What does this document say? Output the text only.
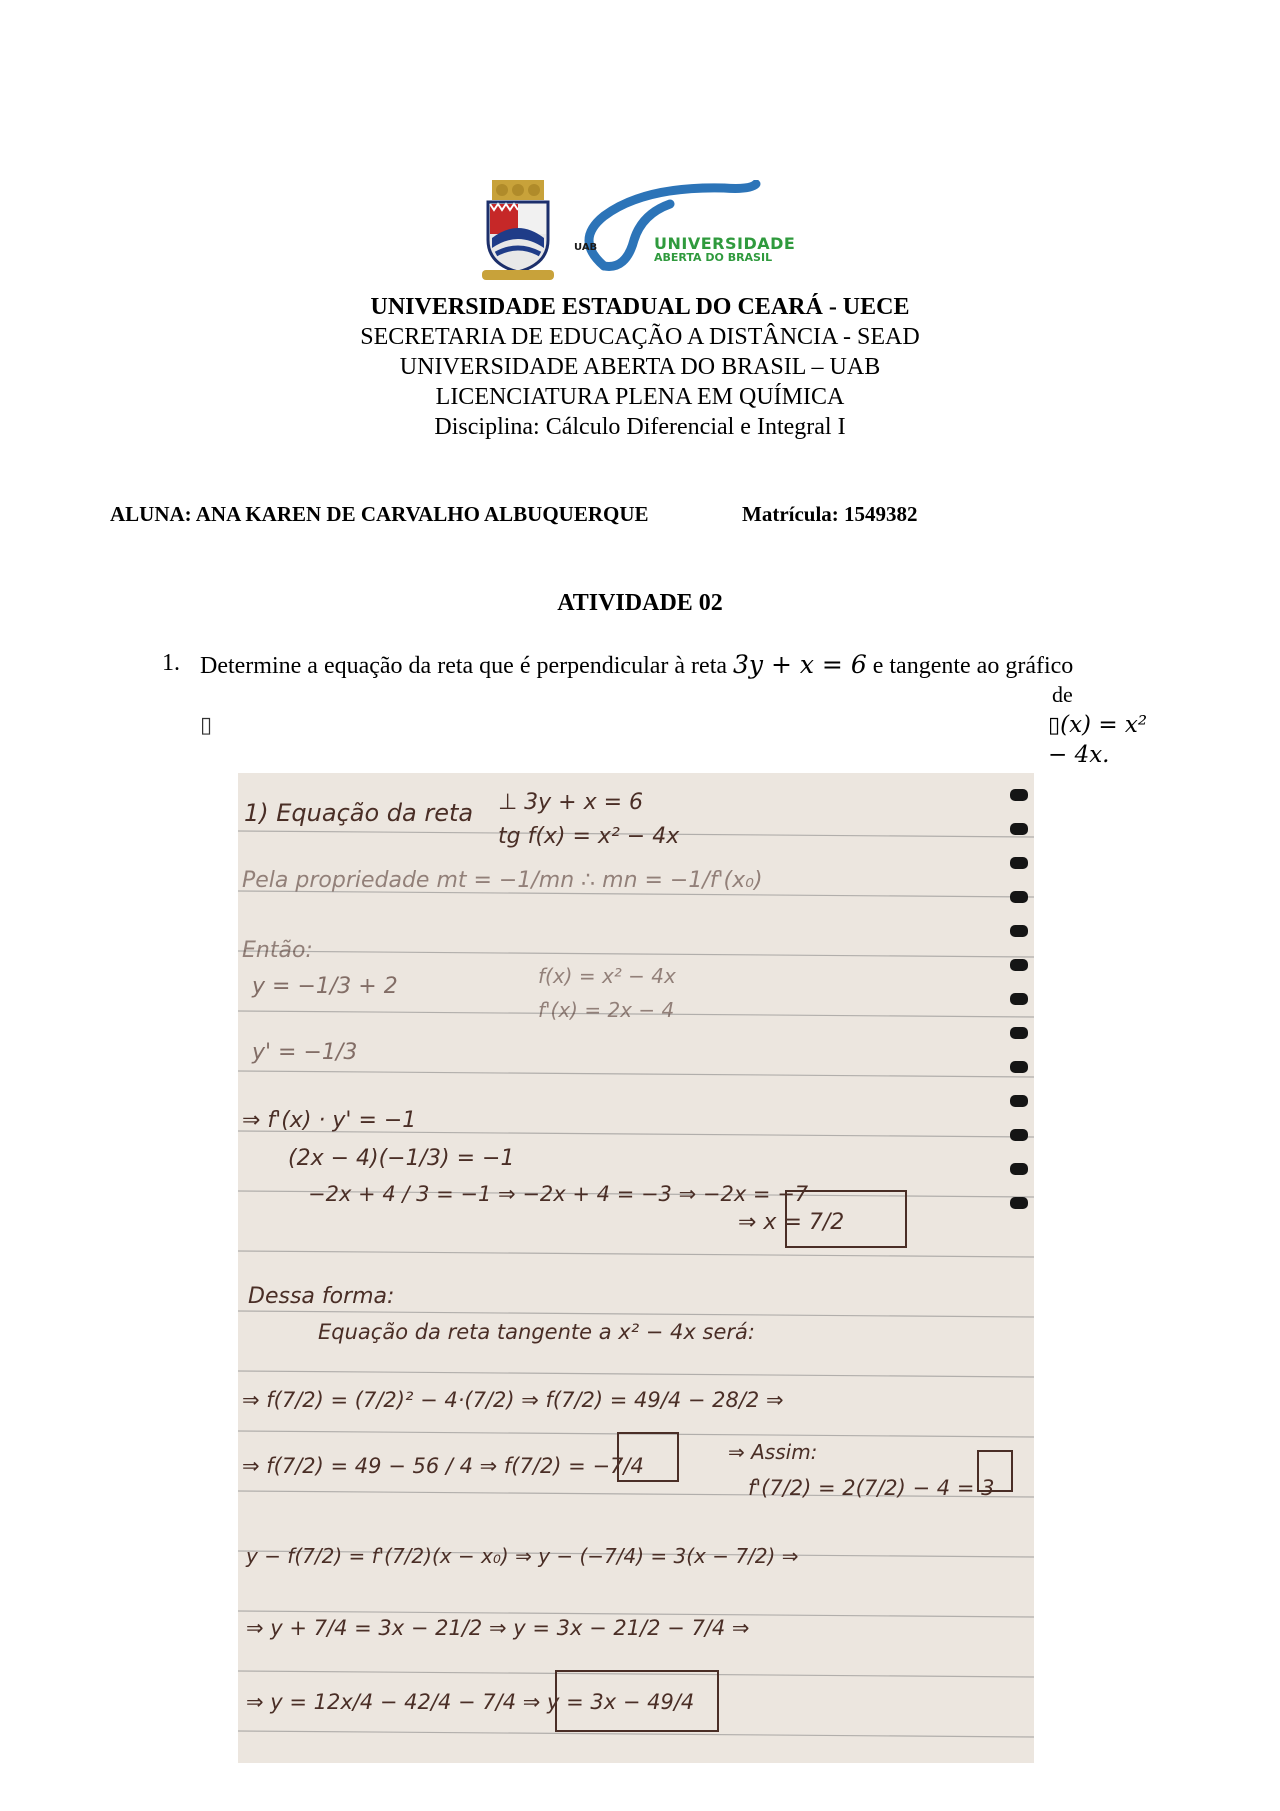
UAB	UNIVERSIDADE
ABERTA DO BRASIL
UNIVERSIDADE ESTADUAL DO CEARÁ - UECE
SECRETARIA DE EDUCAÇÃO A DISTÂNCIA - SEAD
UNIVERSIDADE ABERTA DO BRASIL – UAB
LICENCIATURA PLENA EM QUÍMICA
Disciplina: Cálculo Diferencial e Integral I
ALUNA: ANA KAREN DE CARVALHO ALBUQUERQUE	Matrícula: 1549382
ATIVIDADE 02
1. Determine a equação da reta que é perpendicular à reta 3y + x = 6 e tangente ao gráfico
▯
de
▯(x) = x²
− 4x.
1) Equação da reta ⊥ 3y + x = 6
tg f(x) = x² − 4x
Pela propriedade mt = −1/mn ∴ mn = −1/f'(x₀)
Então:
y = −1/3 + 2	f(x) = x² − 4x
f'(x) = 2x − 4
y' = −1/3
⇒ f'(x) · y' = −1
(2x − 4)(−1/3) = −1
−2x + 4 / 3 = −1 ⇒ −2x + 4 = −3 ⇒ −2x = −7
⇒ x = 7/2
Dessa forma:
Equação da reta tangente a x² − 4x será:
⇒ f(7/2) = (7/2)² − 4·(7/2) ⇒ f(7/2) = 49/4 − 28/2 ⇒
⇒ f(7/2) = 49 − 56 / 4 ⇒ f(7/2) = −7/4
⇒ Assim:
f'(7/2) = 2(7/2) − 4 = 3
y − f(7/2) = f'(7/2)(x − x₀) ⇒ y − (−7/4) = 3(x − 7/2) ⇒
⇒ y + 7/4 = 3x − 21/2 ⇒ y = 3x − 21/2 − 7/4 ⇒
⇒ y = 12x/4 − 42/4 − 7/4 ⇒ y = 3x − 49/4
